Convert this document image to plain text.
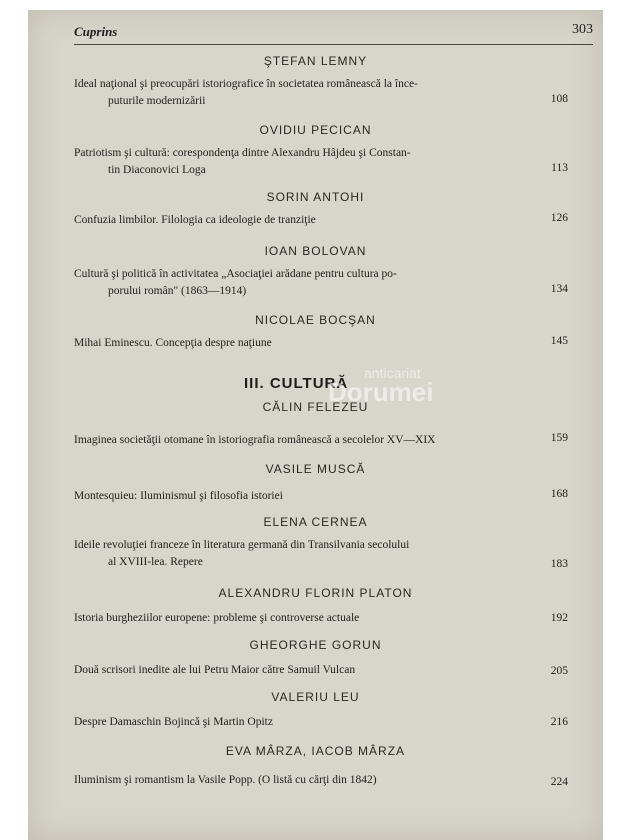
Cuprins	303
ŞTEFAN LEMNY
Ideal naţional şi preocupări istoriografice în societatea românească la înce-
puturile modernizării	108
OVIDIU PECICAN
Patriotism şi cultură: corespondenţa dintre Alexandru Hâjdeu şi Constan-
tin Diaconovici Loga	113
SORIN ANTOHI
Confuzia limbilor. Filologia ca ideologie de tranziţie	126
IOAN BOLOVAN
Cultură şi politică în activitatea „Asociaţiei arădane pentru cultura po-
porului român" (1863—1914)	134
NICOLAE BOCŞAN
Mihai Eminescu. Concepţia despre naţiune	145
III. CULTURĂ
CĂLIN FELEZEU
Imaginea societăţii otomane în istoriografia românească a secolelor XV—XIX	159
VASILE MUSCĂ
Montesquieu: Iluminismul şi filosofia istoriei	168
ELENA CERNEA
Ideile revoluţiei franceze în literatura germană din Transilvania secolului
al XVIII-lea. Repere	183
ALEXANDRU FLORIN PLATON
Istoria burgheziilor europene: probleme şi controverse actuale	192
GHEORGHE GORUN
Două scrisori inedite ale lui Petru Maior către Samuil Vulcan	205
VALERIU LEU
Despre Damaschin Bojincă şi Martin Opitz	216
EVA MÂRZA, IACOB MÂRZA
Iluminism şi romantism la Vasile Popp. (O listă cu cărţi din 1842)	224
anticariat
Dorumei
